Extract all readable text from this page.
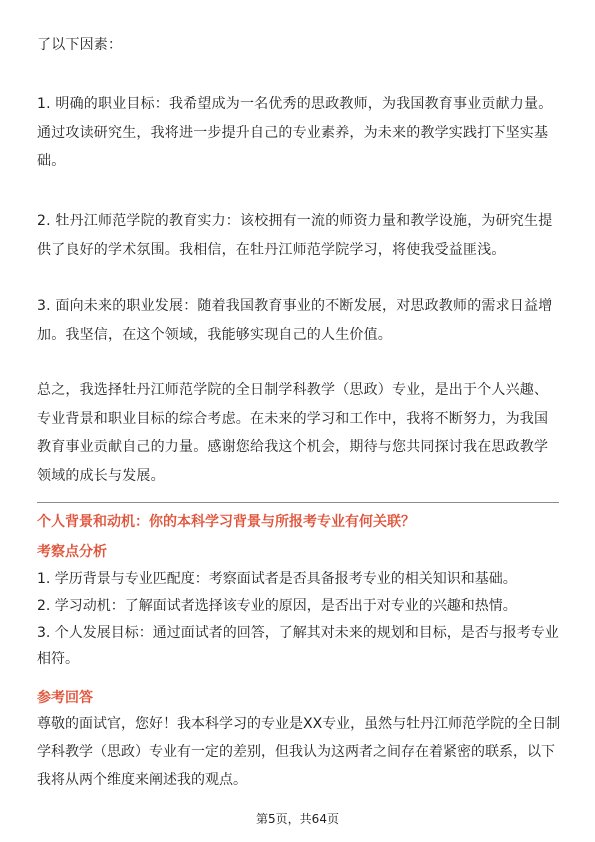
了以下因素：

1. 明确的职业目标：我希望成为一名优秀的思政教师，为我国教育事业贡献力量。通过攻读研究生，我将进一步提升自己的专业素养，为未来的教学实践打下坚实基础。

2. 牡丹江师范学院的教育实力：该校拥有一流的师资力量和教学设施，为研究生提供了良好的学术氛围。我相信，在牡丹江师范学院学习，将使我受益匪浅。

3. 面向未来的职业发展：随着我国教育事业的不断发展，对思政教师的需求日益增加。我坚信，在这个领域，我能够实现自己的人生价值。

总之，我选择牡丹江师范学院的全日制学科教学（思政）专业，是出于个人兴趣、专业背景和职业目标的综合考虑。在未来的学习和工作中，我将不断努力，为我国教育事业贡献自己的力量。感谢您给我这个机会，期待与您共同探讨我在思政教学领域的成长与发展。

个人背景和动机：你的本科学习背景与所报考专业有何关联？

考察点分析

1. 学历背景与专业匹配度：考察面试者是否具备报考专业的相关知识和基础。

2. 学习动机：了解面试者选择该专业的原因，是否出于对专业的兴趣和热情。

3. 个人发展目标：通过面试者的回答，了解其对未来的规划和目标，是否与报考专业相符。

参考回答

尊敬的面试官，您好！我本科学习的专业是XX专业，虽然与牡丹江师范学院的全日制学科教学（思政）专业有一定的差别，但我认为这两者之间存在着紧密的联系，以下我将从两个维度来阐述我的观点。

第5页，共64页
